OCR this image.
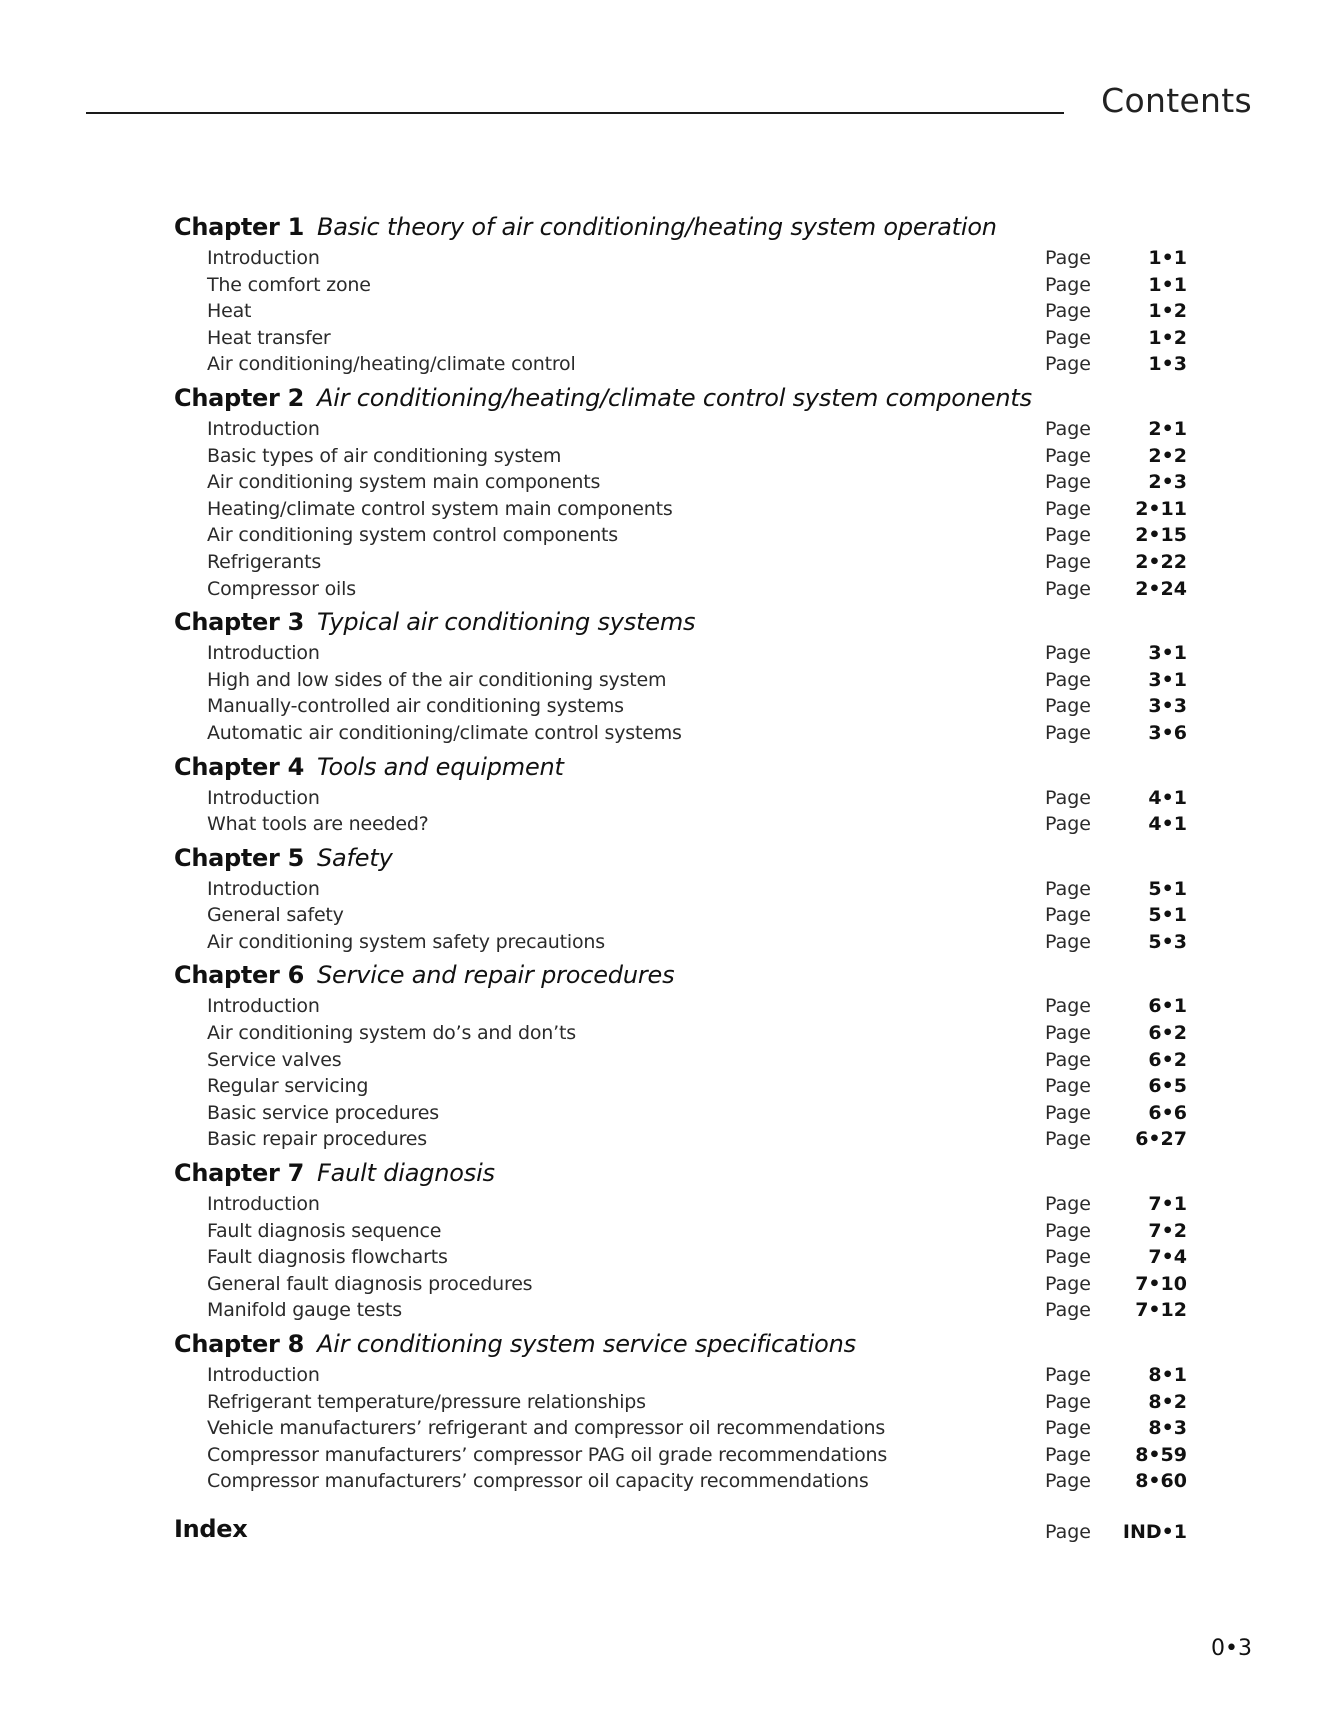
Contents
Chapter 1 Basic theory of air conditioning/heating system operation
Introduction	Page	1•1
The comfort zone	Page	1•1
Heat	Page	1•2
Heat transfer	Page	1•2
Air conditioning/heating/climate control	Page	1•3
Chapter 2 Air conditioning/heating/climate control system components
Introduction	Page	2•1
Basic types of air conditioning system	Page	2•2
Air conditioning system main components	Page	2•3
Heating/climate control system main components	Page	2•11
Air conditioning system control components	Page	2•15
Refrigerants	Page	2•22
Compressor oils	Page	2•24
Chapter 3 Typical air conditioning systems
Introduction	Page	3•1
High and low sides of the air conditioning system	Page	3•1
Manually-controlled air conditioning systems	Page	3•3
Automatic air conditioning/climate control systems	Page	3•6
Chapter 4 Tools and equipment
Introduction	Page	4•1
What tools are needed?	Page	4•1
Chapter 5 Safety
Introduction	Page	5•1
General safety	Page	5•1
Air conditioning system safety precautions	Page	5•3
Chapter 6 Service and repair procedures
Introduction	Page	6•1
Air conditioning system do’s and don’ts	Page	6•2
Service valves	Page	6•2
Regular servicing	Page	6•5
Basic service procedures	Page	6•6
Basic repair procedures	Page	6•27
Chapter 7 Fault diagnosis
Introduction	Page	7•1
Fault diagnosis sequence	Page	7•2
Fault diagnosis flowcharts	Page	7•4
General fault diagnosis procedures	Page	7•10
Manifold gauge tests	Page	7•12
Chapter 8 Air conditioning system service specifications
Introduction	Page	8•1
Refrigerant temperature/pressure relationships	Page	8•2
Vehicle manufacturers’ refrigerant and compressor oil recommendations	Page	8•3
Compressor manufacturers’ compressor PAG oil grade recommendations	Page	8•59
Compressor manufacturers’ compressor oil capacity recommendations	Page	8•60
Index	Page	IND•1
0•3
